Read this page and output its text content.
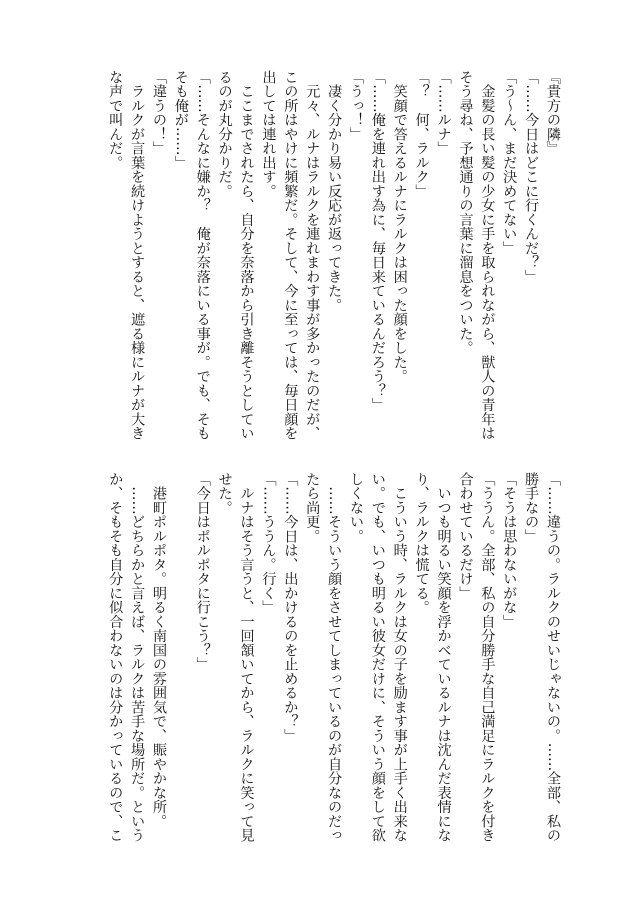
『貴方の隣』
「……今日はどこに行くんだ？」
「う～ん、まだ決めてない」
　金髪の長い髪の少女に手を取られながら、獣人の青年は
そう尋ね、予想通りの言葉に溜息をついた。
「……ルナ」
「？　何、ラルク」
　笑顔で答えるルナにラルクは困った顔をした。
「……俺を連れ出す為に、毎日来ているんだろう？」
「うっ！」
　凄く分かり易い反応が返ってきた。
　元々、ルナはラルクを連れまわす事が多かったのだが、
この所はやけに頻繁だ。そして、今に至っては、毎日顔を
出しては連れ出す。
　ここまでされたら、自分を奈落から引き離そうとしてい
るのが丸分かりだ。
「……そんなに嫌か？　俺が奈落にいる事が。でも、そも
そも俺が……」
「違うの！」
　ラルクが言葉を続けようとすると、遮る様にルナが大き
な声で叫んだ。
「……違うの。ラルクのせいじゃないの。……全部、私の
勝手なの」
「そうは思わないがな」
「ううん。全部、私の自分勝手な自己満足にラルクを付き
合わせているだけ」
　いつも明るい笑顔を浮かべているルナは沈んだ表情にな
り、ラルクは慌てる。
　こういう時、ラルクは女の子を励ます事が上手く出来な
い。でも、いつも明るい彼女だけに、そういう顔をして欲
しくない。
　……そういう顔をさせてしまっているのが自分なのだっ
たら尚更。
「……今日は、出かけるのを止めるか？」
「……ううん。行く」
　ルナはそう言うと、一回頷いてから、ラルクに笑って見
せた。
「今日はポルポタに行こう？」

　港町ポルポタ。明るく南国の雰囲気で、賑やかな所。
　……どちらかと言えば、ラルクは苦手な場所だ。という
か、そもそも自分に似合わないのは分かっているので、こ
